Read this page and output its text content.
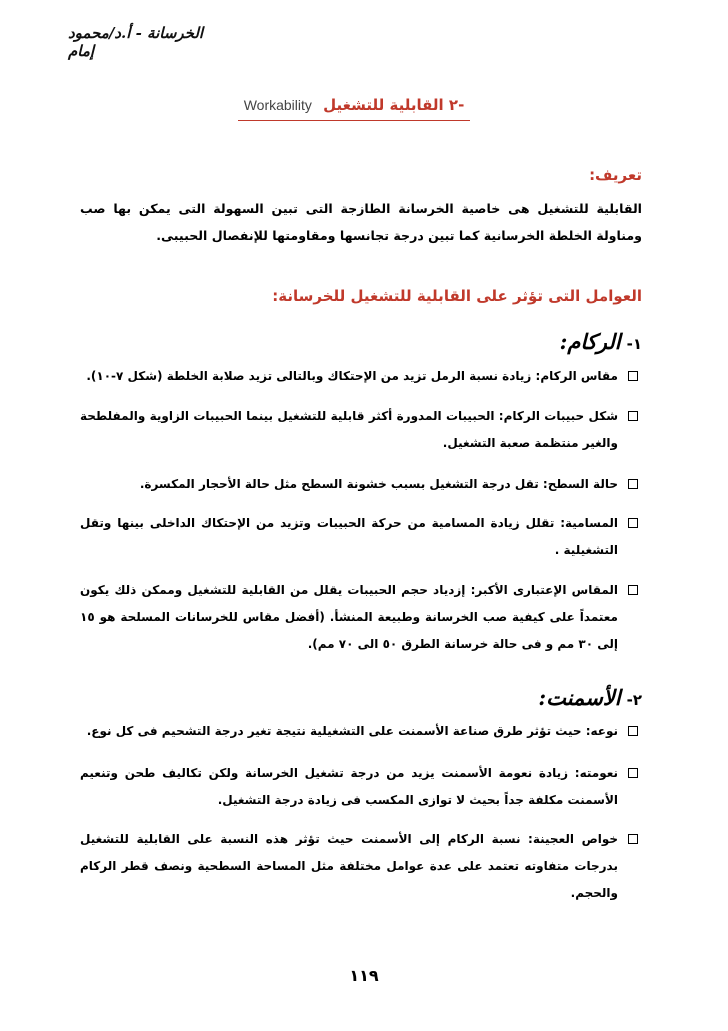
الخرسانة - أ.د/محمود إمام
-٢ القابلية للتشغيل Workability
تعريف:
القابلية للتشغيل هى خاصية الخرسانة الطازجة التى تبين السهولة التى يمكن بها صب ومناولة الخلطة الخرسانية كما تبين درجة تجانسها ومقاومتها للإنفصال الحبيبى.
العوامل التى تؤثر على القابلية للتشغيل للخرسانة:
١-الركام:
مقاس الركام: زيادة نسبة الرمل تزيد من الإحتكاك وبالتالى تزيد صلابة الخلطة (شكل ٧-١٠).
شكل حبيبات الركام: الحبيبات المدورة أكثر قابلية للتشغيل بينما الحبيبات الزاوية والمفلطحة والغير منتظمة صعبة التشغيل.
حالة السطح: تقل درجة التشغيل بسبب خشونة السطح مثل حالة الأحجار المكسرة.
المسامية: تقلل زيادة المسامية من حركة الحبيبات وتزيد من الإحتكاك الداخلى بينها وتقل التشغيلية .
المقاس الإعتبارى الأكبر: إزدياد حجم الحبيبات يقلل من القابلية للتشغيل وممكن ذلك يكون معتمداً على كيفية صب الخرسانة وطبيعة المنشأ. (أفضل مقاس للخرسانات المسلحة هو ١٥ إلى ٣٠ مم و فى حالة خرسانة الطرق ٥٠ الى ٧٠ مم).
٢-الأسمنت:
نوعه: حيث تؤثر طرق صناعة الأسمنت على التشغيلية نتيجة تغير درجة التشحيم فى كل نوع.
نعومته: زيادة نعومة الأسمنت يزيد من درجة تشغيل الخرسانة ولكن تكاليف طحن وتنعيم الأسمنت مكلفة جداً بحيث لا توازى المكسب فى زيادة درجة التشغيل.
خواص العجينة: نسبة الركام إلى الأسمنت حيث تؤثر هذه النسبة على القابلية للتشغيل بدرجات متفاوته تعتمد على عدة عوامل مختلفة مثل المساحة السطحية ونصف قطر الركام والحجم.
١١٩
